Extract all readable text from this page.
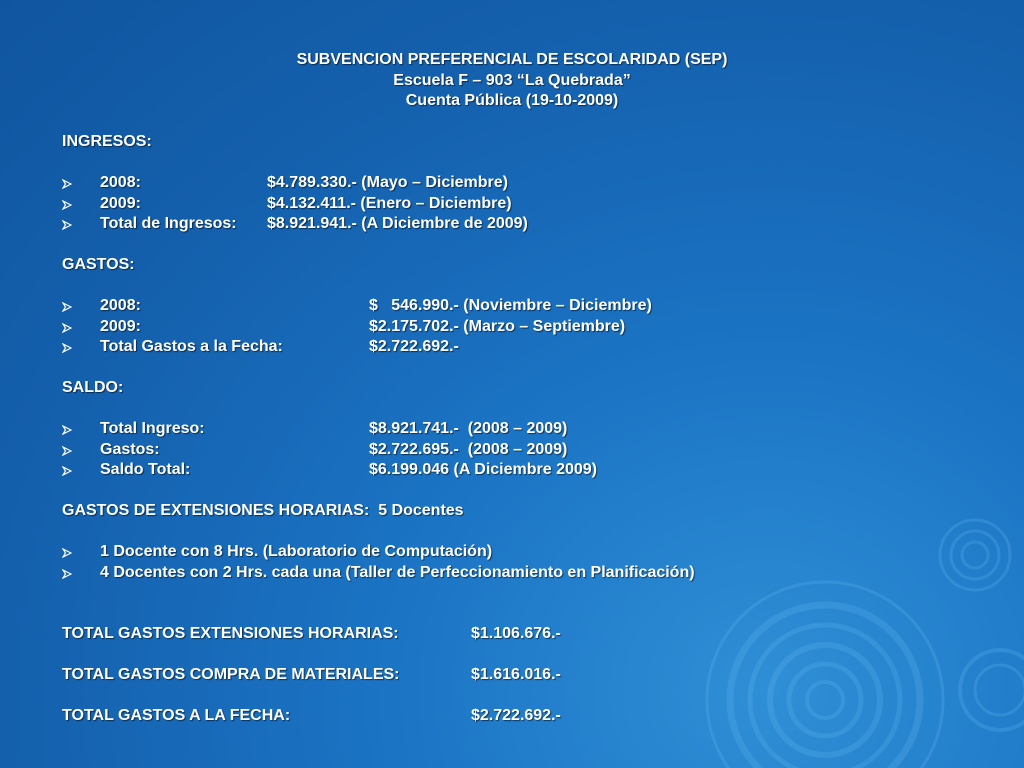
SUBVENCION PREFERENCIAL DE ESCOLARIDAD (SEP)
Escuela F – 903 “La Quebrada”
Cuenta Pública (19-10-2009)
INGRESOS:
2008:	$4.789.330.- (Mayo – Diciembre)
2009:	$4.132.411.- (Enero – Diciembre)
Total de Ingresos: $8.921.941.- (A Diciembre de 2009)
GASTOS:
2008:	$   546.990.- (Noviembre – Diciembre)
2009:	$2.175.702.- (Marzo – Septiembre)
Total Gastos a la Fecha:	$2.722.692.-
SALDO:
Total Ingreso:	$8.921.741.-  (2008 – 2009)
Gastos:	$2.722.695.-  (2008 – 2009)
Saldo Total:	$6.199.046 (A Diciembre 2009)
GASTOS DE EXTENSIONES HORARIAS:  5 Docentes
1 Docente con 8 Hrs. (Laboratorio de Computación)
4 Docentes con 2 Hrs. cada una (Taller de Perfeccionamiento en Planificación)
TOTAL GASTOS EXTENSIONES HORARIAS:	$1.106.676.-
TOTAL GASTOS COMPRA DE MATERIALES:	$1.616.016.-
TOTAL GASTOS A LA FECHA:	$2.722.692.-
